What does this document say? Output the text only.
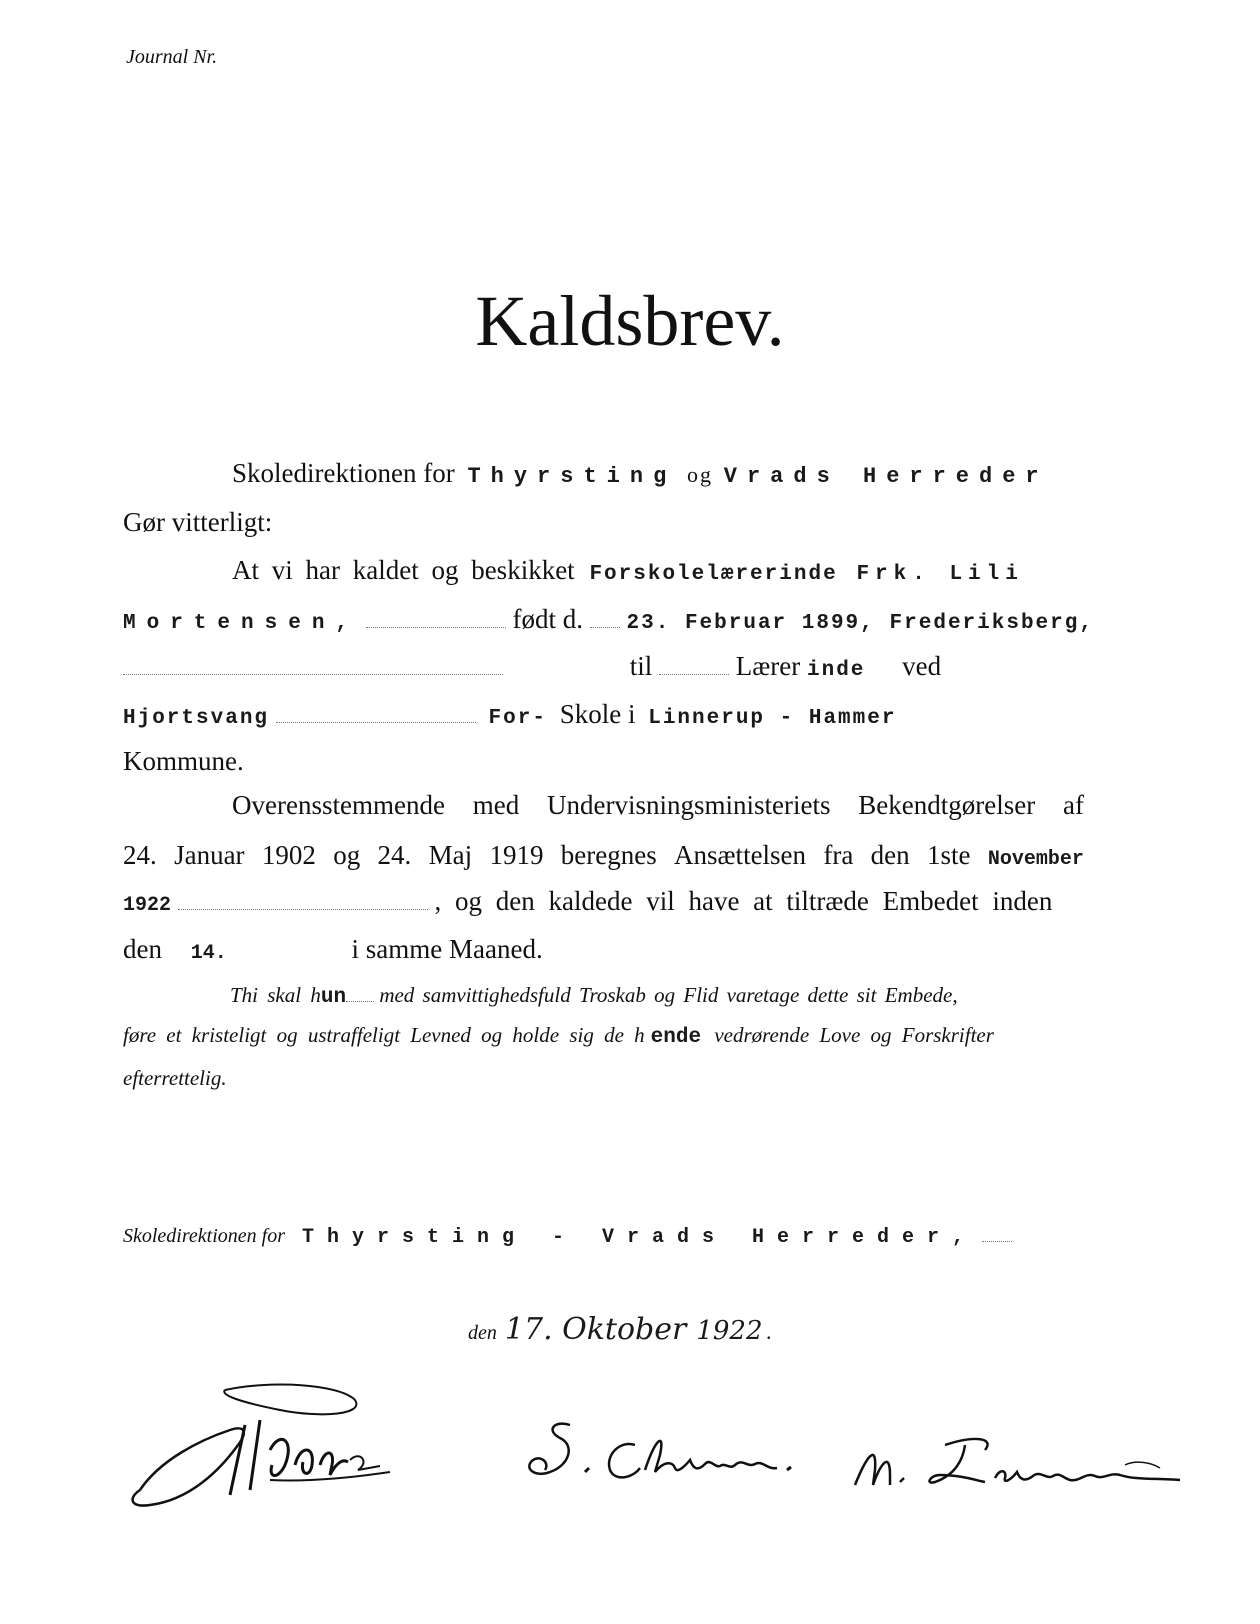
Journal Nr.
Kaldsbrev.
Skoledirektionen for Thyrsting og Vrads Herreder
Gør vitterligt:
At vi har kaldet og beskikket Forskolelærerinde Frk. Lili
Mortensen,	født d. 23. Februar 1899, Frederiksberg,
til	Lærer inde ved
Hjortsvang	For- Skole i Linnerup - Hammer
Kommune.
Overensstemmende med Undervisningsministeriets Bekendtgørelser af
24. Januar 1902 og 24. Maj 1919 beregnes Ansættelsen fra den 1ste November
1922	, og den kaldede vil have at tiltræde Embedet inden
den 14.	i samme Maaned.
Thi skal hun med samvittighedsfuld Troskab og Flid varetage dette sit Embede,
føre et kristeligt og ustraffeligt Levned og holde sig de h ende vedrørende Love og Forskrifter
efterrettelig.
Skoledirektionen for Thyrsting - Vrads Herreder,
den 17. Oktober 1922 .
